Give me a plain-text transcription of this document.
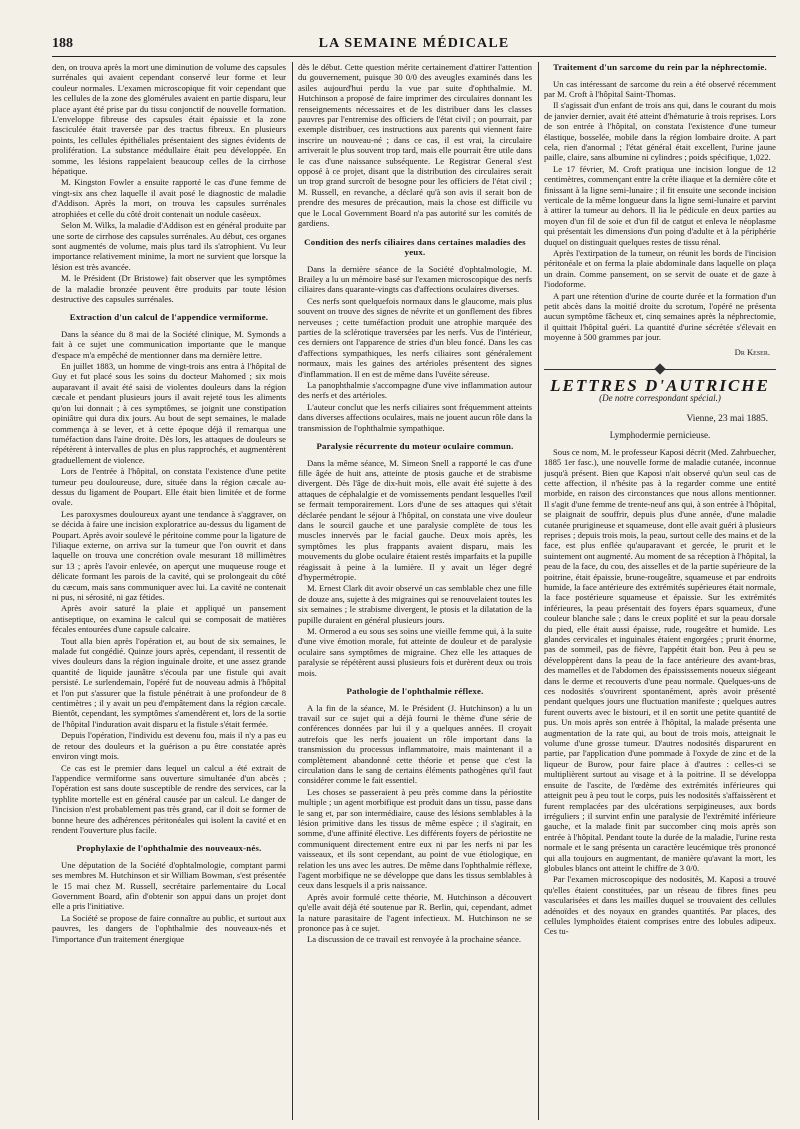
188	LA SEMAINE MÉDICALE

den, on trouva après la mort une diminution de volume des capsules surrénales qui avaient cependant conservé leur forme et leur couleur normales. L'examen microscopique fit voir cependant que les cellules de la zone des glomérules avaient en partie disparu, leur place ayant été prise par du tissu conjonctif de nouvelle formation. L'enveloppe fibreuse des capsules était épaissie et la zone fasciculée était traversée par des tractus fibreux. En plusieurs points, les cellules épithéliales présentaient des signes évidents de prolifération. La substance médullaire était peu développée. En somme, les lésions rappelaient beaucoup celles de la cirrhose hépatique.

M. Kingston Fowler a ensuite rapporté le cas d'une femme de vingt-six ans chez laquelle il avait posé le diagnostic de maladie d'Addison. Après la mort, on trouva les capsules surrénales atrophiées et celle du côté droit contenait un nodule caséeux.

Selon M. Wilks, la maladie d'Addison est en général produite par une sorte de cirrhose des capsules surrénales. Au début, ces organes sont augmentés de volume, mais plus tard ils s'atrophient. Vu leur importance relativement minime, la mort ne survient que lorsque la lésion est très avancée.

M. le Président (Dr Bristowe) fait observer que les symptômes de la maladie bronzée peuvent être produits par toute lésion destructive des capsules surrénales.

Extraction d'un calcul de l'appendice vermiforme.

Dans la séance du 8 mai de la Société clinique, M. Symonds a fait à ce sujet une communication importante que le manque d'espace m'a empêché de mentionner dans ma dernière lettre.

En juillet 1883, un homme de vingt-trois ans entra à l'hôpital de Guy et fut placé sous les soins du docteur Mahomed ; six mois auparavant il avait été saisi de violentes douleurs dans la région cæcale et pendant plusieurs jours il avait rejeté tous les aliments qu'on lui donnait ; à ces symptômes, se joignit une constipation opiniâtre qui dura dix jours. Au bout de sept semaines, le malade commença à se lever, et à cette époque déjà il remarqua une tuméfaction dans l'aine droite. Dès lors, les attaques de douleurs se répétèrent à intervalles de plus en plus rapprochés, et augmentèrent graduellement de violence.

Lors de l'entrée à l'hôpital, on constata l'existence d'une petite tumeur peu douloureuse, dure, située dans la région cæcale au-dessus du ligament de Poupart. Elle était bien limitée et de forme ovale.

Les paroxysmes douloureux ayant une tendance à s'aggraver, on se décida à faire une incision exploratrice au-dessus du ligament de Poupart. Après avoir soulevé le péritoine comme pour la ligature de l'iliaque externe, on arriva sur la tumeur que l'on ouvrit et dans laquelle on trouva une concrétion ovale mesurant 18 millimètres sur 13 ; après l'avoir enlevée, on aperçut une muqueuse rouge et délicate formant les parois de la cavité, qui se prolongeait du côté du cæcum, mais sans communiquer avec lui. La cavité ne contenait ni pus, ni sérosité, ni gaz fétides.

Après avoir saturé la plaie et appliqué un pansement antiseptique, on examina le calcul qui se composait de matières fécales entourées d'une capsule calcaire.

Tout alla bien après l'opération et, au bout de six semaines, le malade fut congédié. Quinze jours après, cependant, il ressentit de vives douleurs dans la région inguinale droite, et une assez grande quantité de liquide jaunâtre s'écoula par une fistule qui avait persisté. Le surlendemain, l'opéré fut de nouveau admis à l'hôpital et l'on put s'assurer que la fistule pénétrait à une profondeur de 8 centimètres ; il y avait un peu d'empâtement dans la région cæcale. Bientôt, cependant, les symptômes s'amendèrent et, lors de la sortie de l'hôpital l'induration avait disparu et la fistule s'était fermée.

Depuis l'opération, l'individu est devenu fou, mais il n'y a pas eu de retour des douleurs et la guérison a pu être constatée après environ vingt mois.

Ce cas est le premier dans lequel un calcul a été extrait de l'appendice vermiforme sans ouverture simultanée d'un abcès ; l'opération est sans doute susceptible de rendre des services, car la typhlite mortelle est en général causée par un calcul. Le danger de l'incision n'est probablement pas très grand, car il doit se former de bonne heure des adhérences péritonéales qui isolent la cavité et en rendent l'ouverture plus facile.

Prophylaxie de l'ophthalmie des nouveaux-nés.

Une députation de la Société d'ophtalmologie, comptant parmi ses membres M. Hutchinson et sir William Bowman, s'est présentée le 15 mai chez M. Russell, secrétaire parlementaire du Local Government Board, afin d'obtenir son appui dans un projet dont elle a pris l'initiative.

La Société se propose de faire connaître au public, et surtout aux pauvres, les dangers de l'ophthalmie des nouveaux-nés et l'importance d'un traitement énergique

dès le début. Cette question mérite certainement d'attirer l'attention du gouvernement, puisque 30 0/0 des aveugles examinés dans les asiles aujourd'hui perdu la vue par suite d'ophthalmie. M. Hutchinson a proposé de faire imprimer des circulaires donnant les renseignements nécessaires et de les distribuer dans les classes pauvres par l'entremise des officiers de l'état civil ; on pourrait, par exemple distribuer, ces instructions aux parents qui viennent faire inscrire un nouveau-né ; dans ce cas, il est vrai, la circulaire arriverait le plus souvent trop tard, mais elle pourrait être utile dans le cas d'une naissance subséquente. Le Registrar General s'est opposé à ce projet, disant que la distribution des circulaires serait un trop grand surcroît de besogne pour les officiers de l'état civil ; M. Russell, en revanche, a déclaré qu'à son avis il serait bon de prendre des mesures de précaution, mais la chose est difficile vu que le Local Government Board n'a pas autorité sur les comités de gardiens.

Condition des nerfs ciliaires dans certaines maladies des yeux.

Dans la dernière séance de la Société d'ophtalmologie, M. Brailey a lu un mémoire basé sur l'examen microscopique des nerfs ciliaires dans quarante-vingts cas d'affections oculaires diverses.

Ces nerfs sont quelquefois normaux dans le glaucome, mais plus souvent on trouve des signes de névrite et un gonflement des fibres nerveuses ; cette tuméfaction produit une atrophie marquée des parties de la sclérotique traversées par les nerfs. Vus de l'intérieur, ces derniers ont l'apparence de stries d'un bleu foncé. Dans les cas d'affections sympathiques, les nerfs ciliaires sont généralement normaux, mais les gaines des artérioles présentent des signes d'inflammation. Il en est de même dans l'uvéite séreuse.

La panophthalmie s'accompagne d'une vive inflammation autour des nerfs et des artérioles.

L'auteur conclut que les nerfs ciliaires sont fréquemment atteints dans diverses affections oculaires, mais ne jouent aucun rôle dans la transmission de l'ophthalmie sympathique.

Paralysie récurrente du moteur oculaire commun.

Dans la même séance, M. Simeon Snell a rapporté le cas d'une fille âgée de huit ans, atteinte de ptosis gauche et de strabisme divergent. Dès l'âge de dix-huit mois, elle avait été sujette à des attaques de céphalalgie et de vomissements pendant lesquelles l'œil se fermait temporairement. Lors d'une de ses attaques qui s'était déclarée pendant le séjour à l'hôpital, on constata une vive douleur dans le sourcil gauche et une paralysie complète de tous les muscles innervés par le facial gauche. Deux mois après, les symptômes les plus frappants avaient disparu, mais les mouvements du globe oculaire étaient restés imparfaits et la pupille réagissait à peine à la lumière. Il y avait un léger degré d'hypermétropie.

M. Ernest Clark dit avoir observé un cas semblable chez une fille de douze ans, sujette à des migraines qui se renouvelaient toutes les six semaines ; le strabisme divergent, le ptosis et la dilatation de la pupille duraient en général plusieurs jours.

M. Ormerod a eu sous ses soins une vieille femme qui, à la suite d'une vive émotion morale, fut atteinte de douleur et de paralysie oculaire sans symptômes de migraine. Chez elle les attaques de paralysie se répétèrent aussi plusieurs fois et durèrent deux ou trois mois.

Pathologie de l'ophthalmie réflexe.

A la fin de la séance, M. le Président (J. Hutchinson) a lu un travail sur ce sujet qui a déjà fourni le thème d'une série de conférences données par lui il y a quelques années. Il croyait autrefois que les nerfs jouaient un rôle important dans la transmission du processus inflammatoire, mais maintenant il a complètement abandonné cette théorie et pense que c'est la circulation dans le sang de certains éléments pathogènes qu'il faut considérer comme le fait essentiel.

Les choses se passeraient à peu près comme dans la périostite multiple ; un agent morbifique est produit dans un tissu, passe dans le sang et, par son intermédiaire, cause des lésions semblables à la lésion primitive dans les tissus de même espèce ; il s'agirait, en somme, d'une affinité élective. Les différents foyers de périostite ne communiquent directement entre eux ni par les nerfs ni par les vaisseaux, et ils sont cependant, au point de vue étiologique, en relation les uns avec les autres. De même dans l'ophthalmie réflexe, l'agent morbifique ne se développe que dans les tissus semblables à ceux dans lesquels il a pris naissance.

Après avoir formulé cette théorie, M. Hutchinson a découvert qu'elle avait déjà été soutenue par R. Berlin, qui, cependant, admet la nature parasitaire de l'agent infectieux. M. Hutchinson ne se prononce pas à ce sujet.

La discussion de ce travail est renvoyée à la prochaine séance.

Traitement d'un sarcome du rein par la néphrectomie.

Un cas intéressant de sarcome du rein a été observé récemment par M. Croft à l'hôpital Saint-Thomas.

Il s'agissait d'un enfant de trois ans qui, dans le courant du mois de janvier dernier, avait été atteint d'hématurie à trois reprises. Lors de son entrée à l'hôpital, on constata l'existence d'une tumeur élastique, bosselée, mobile dans la région lombaire droite. A part cela, rien d'anormal ; l'état général était excellent, l'urine jaune paille, claire, sans albumine ni cylindres ; poids spécifique, 1,022.

Le 17 février, M. Croft pratiqua une incision longue de 12 centimètres, commençant entre la crête iliaque et la dernière côte et finissant à la ligne semi-lunaire ; il fit ensuite une seconde incision verticale de la même longueur dans la ligne semi-lunaire et parvint à attirer la tumeur au dehors. Il lia le pédicule en deux parties au moyen d'un fil de soie et d'un fil de catgut et enleva le néoplasme qui présentait les dimensions d'un poing d'adulte et à la périphérie duquel on distinguait quelques restes de tissu rénal.

Après l'extirpation de la tumeur, on réunit les bords de l'incision péritonéale et on ferma la plaie abdominale dans laquelle on plaça un drain. Comme pansement, on se servit de ouate et de gaze à l'iodoforme.

A part une rétention d'urine de courte durée et la formation d'un petit abcès dans la moitié droite du scrotum, l'opéré ne présenta aucun symptôme fâcheux et, cinq semaines après la néphrectomie, il quittait l'hôpital guéri. La quantité d'urine sécrétée s'élevait en moyenne à 500 grammes par jour.

Dr Keser.
LETTRES D'AUTRICHE
(De notre correspondant spécial.)
Vienne, 23 mai 1885.
Lymphodermie pernicieuse.

Sous ce nom, M. le professeur Kaposi décrit (Med. Zahrbuecher, 1885 1er fasc.), une nouvelle forme de maladie cutanée, inconnue jusqu'à présent. Bien que Kaposi n'ait observé qu'un seul cas de cette affection, il n'hésite pas à la regarder comme une entité morbide, en raison des circonstances que nous allons mentionner. Il s'agit d'une femme de trente-neuf ans qui, à son entrée à l'hôpital, se plaignait de souffrir, depuis plus d'une année, d'une maladie cutanée prurigineuse et squameuse, dont elle avait guéri à plusieurs reprises ; depuis trois mois, la peau, surtout celle des mains et de la face, est plus enflée qu'auparavant et gercée, le prurit et le suintement ont augmenté. Au moment de sa réception à l'hôpital, la peau de la face, du cou, des aisselles et de la partie supérieure de la poitrine, était épaissie, brune-rougeâtre, squameuse et par endroits humide, la face antérieure des extrémités supérieures était normale, la face postérieure squameuse et épaissie. Sur les extrémités inférieures, la peau présentait des foyers épars squameux, d'une couleur blanche sale ; dans le creux poplité et sur la peau dorsale du pied, elle était aussi épaisse, rude, rougeâtre et humide. Les glandes cervicales et inguinales étaient engorgées ; prurit énorme, pas de sommeil, pas de fièvre, l'appétit était bon. Peu à peu se développèrent dans la peau de la face antérieure des avant-bras, des mamelles et de l'abdomen des épaississements noueux siégeant dans le derme et recouverts d'une peau normale. Quelques-uns de ces nodosités s'ouvrirent spontanément, après avoir présenté pendant quelques jours une fluctuation manifeste ; quelques autres furent ouverts avec le bistouri, et il en sortit une petite quantité de pus. Un mois après son entrée à l'hôpital, la malade présenta une augmentation de la rate qui, au bout de trois mois, atteignait le volume d'une grosse tumeur. D'autres nodosités disparurent en partie, par l'application d'une pommade à l'oxyde de zinc et de la liqueur de Burow, pour faire place à d'autres : celles-ci se multiplièrent surtout au visage et à la poitrine. Il se développa ensuite de l'ascite, de l'œdème des extrémités inférieures qui atteignit peu à peu tout le corps, puis les nodosités s'affaissèrent et furent remplacées par des ulcérations serpigineuses, aux bords irréguliers ; il survint enfin une paralysie de l'extrémité inférieure gauche, et la malade finit par succomber cinq mois après son entrée à l'hôpital. Pendant toute la durée de la maladie, l'urine resta normale et le sang présenta un caractère leucémique très prononcé qui alla toujours en augmentant, de manière qu'avant la mort, les globules blancs ont atteint le chiffre de 3 0/0.

Par l'examen microscopique des nodosités, M. Kaposi a trouvé qu'elles étaient constituées, par un réseau de fibres fines peu vascularisées et dans les mailles duquel se trouvaient des cellules adénoïdes et des noyaux en grandes quantités. Par places, des cellules lymphoïdes étaient comprises entre des lobules adipeux. Ces tu-
